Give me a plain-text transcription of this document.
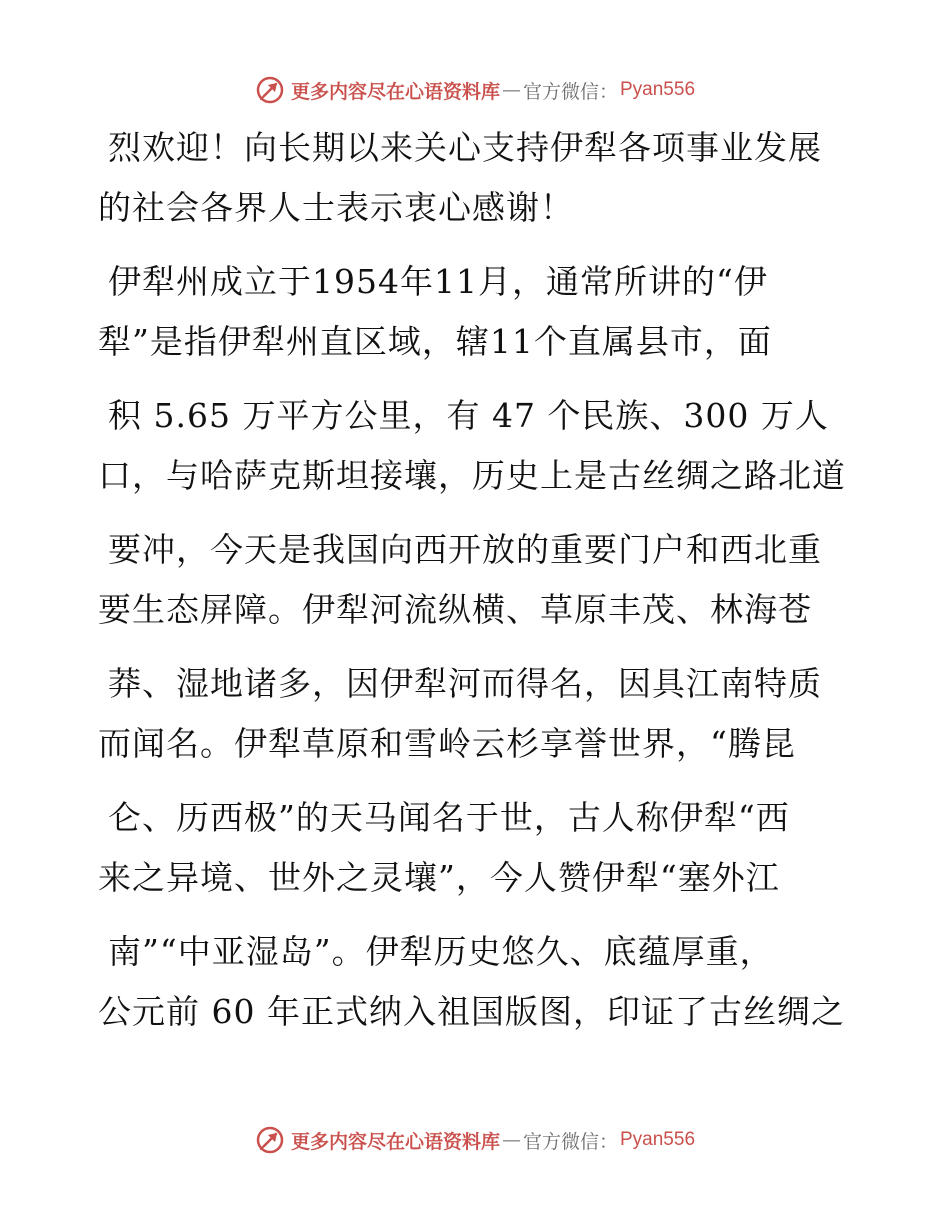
更多内容尽在心语资料库 — 官方微信： Pyan556
烈欢迎！向长期以来关心支持伊犁各项事业发展
的社会各界人士表示衷心感谢！
伊犁州成立于1954年11月，通常所讲的“伊
犁”是指伊犁州直区域，辖11个直属县市，面
积 5.65 万平方公里，有 47 个民族、300 万人
口，与哈萨克斯坦接壤，历史上是古丝绸之路北道
要冲，今天是我国向西开放的重要门户和西北重
要生态屏障。伊犁河流纵横、草原丰茂、林海苍
莽、湿地诸多，因伊犁河而得名，因具江南特质
而闻名。伊犁草原和雪岭云杉享誉世界，“腾昆
仑、历西极”的天马闻名于世，古人称伊犁“西
来之异境、世外之灵壤”，今人赞伊犁“塞外江
南”“中亚湿岛”。伊犁历史悠久、底蕴厚重，
公元前 60 年正式纳入祖国版图，印证了古丝绸之
更多内容尽在心语资料库 — 官方微信： Pyan556
